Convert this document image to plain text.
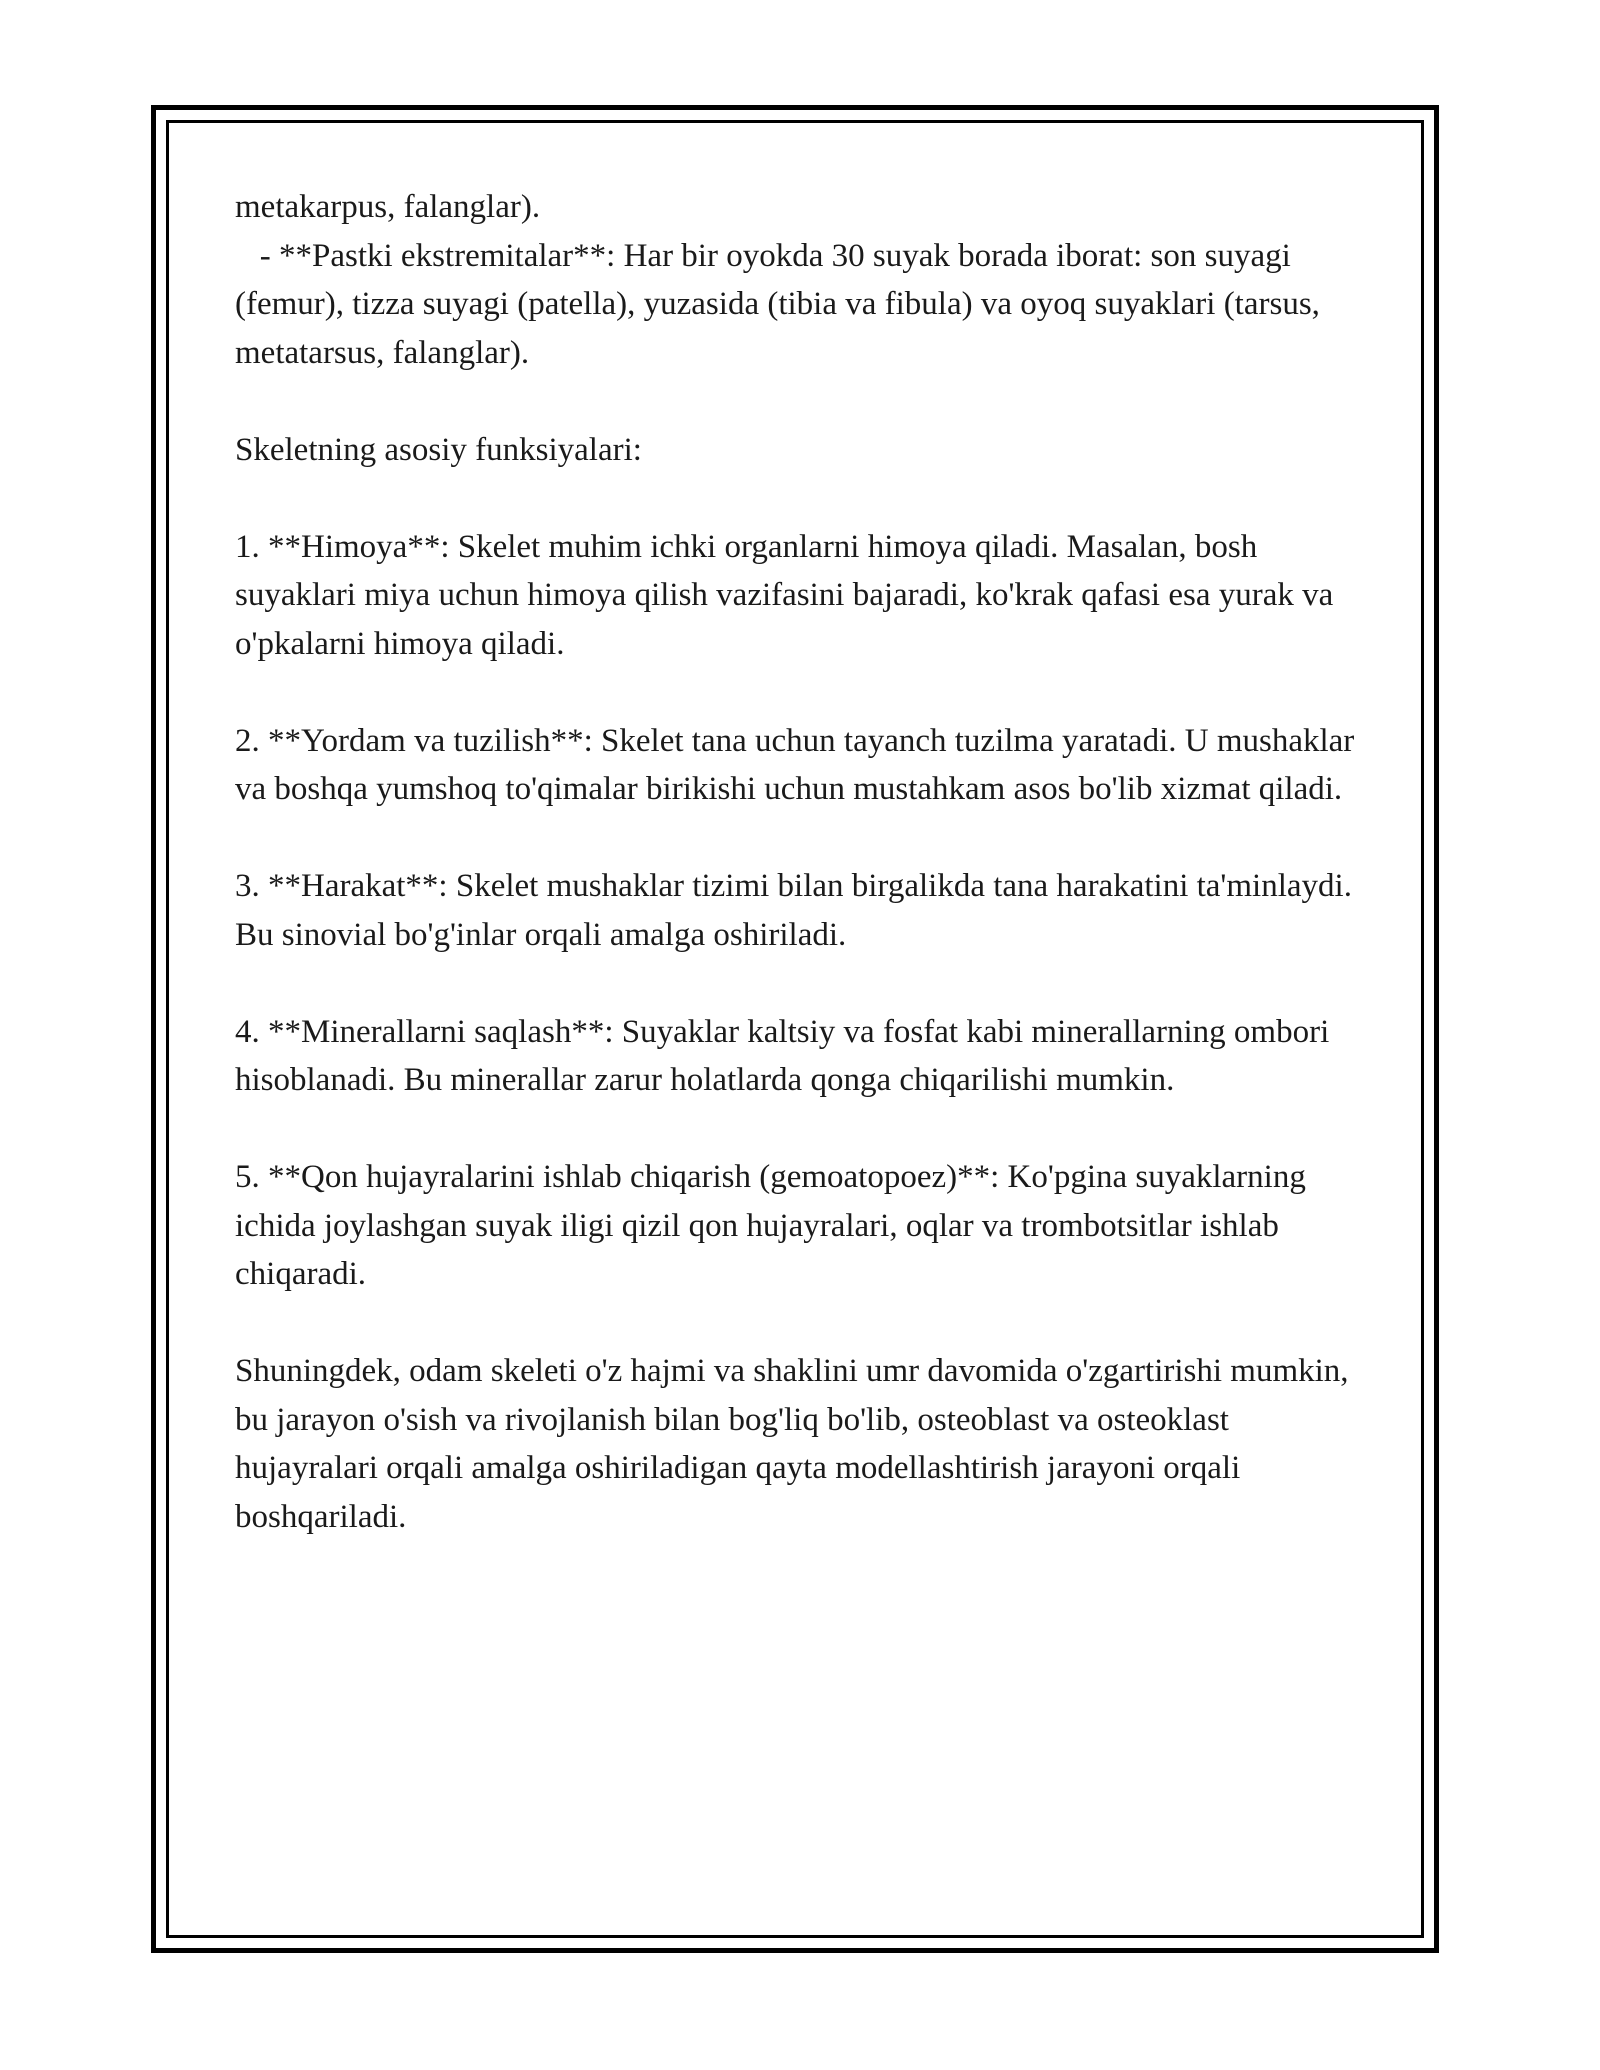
metakarpus, falanglar).

- **Pastki ekstremitalar**: Har bir oyokda 30 suyak borada iborat: son suyagi (femur), tizza suyagi (patella), yuzasida (tibia va fibula) va oyoq suyaklari (tarsus, metatarsus, falanglar).

Skeletning asosiy funksiyalari:

1. **Himoya**: Skelet muhim ichki organlarni himoya qiladi. Masalan, bosh suyaklari miya uchun himoya qilish vazifasini bajaradi, ko'krak qafasi esa yurak va o'pkalarni himoya qiladi.

2. **Yordam va tuzilish**: Skelet tana uchun tayanch tuzilma yaratadi. U mushaklar va boshqa yumshoq to'qimalar birikishi uchun mustahkam asos bo'lib xizmat qiladi.

3. **Harakat**: Skelet mushaklar tizimi bilan birgalikda tana harakatini ta'minlaydi. Bu sinovial bo'g'inlar orqali amalga oshiriladi.

4. **Minerallarni saqlash**: Suyaklar kaltsiy va fosfat kabi minerallarning ombori hisoblanadi. Bu minerallar zarur holatlarda qonga chiqarilishi mumkin.

5. **Qon hujayralarini ishlab chiqarish (gemoatopoez)**: Ko'pgina suyaklarning ichida joylashgan suyak iligi qizil qon hujayralari, oqlar va trombotsitlar ishlab chiqaradi.

Shuningdek, odam skeleti o'z hajmi va shaklini umr davomida o'zgartirishi mumkin, bu jarayon o'sish va rivojlanish bilan bog'liq bo'lib, osteoblast va osteoklast hujayralari orqali amalga oshiriladigan qayta modellashtirish jarayoni orqali boshqariladi.
